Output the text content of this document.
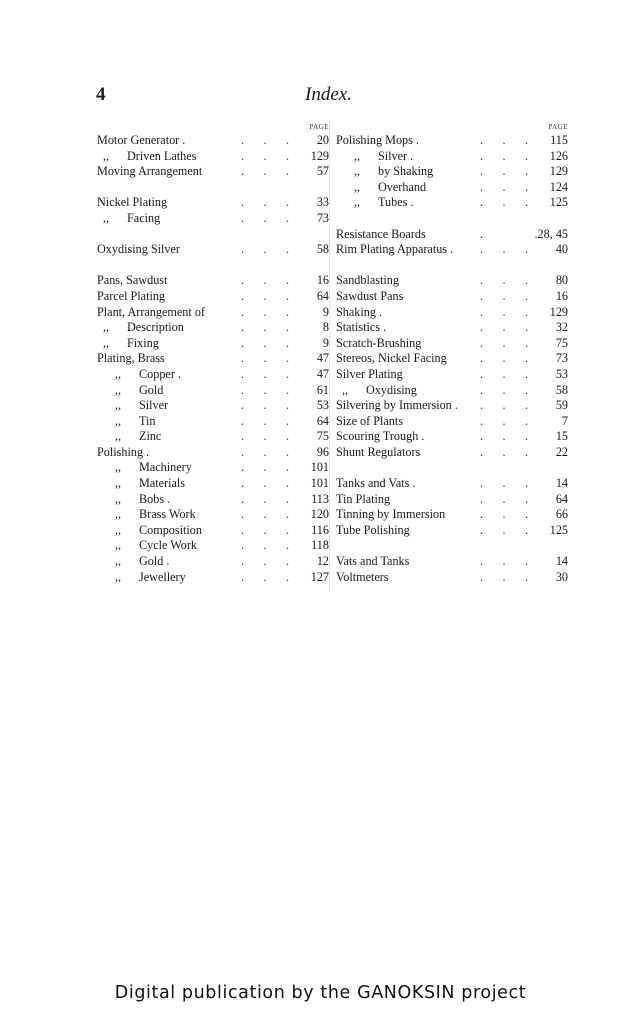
4	Index.
PAGE
Motor Generator .	. . . 20
,, Driven Lathes	. . . 129
Moving Arrangement	. . . 57
Nickel Plating	. . . 33
,, Facing	. . . 73
Oxydising Silver	. . . 58
Pans, Sawdust	. . . 16
Parcel Plating	. . . 64
Plant, Arrangement of	. . .	9
,, Description	. . .	8
,, Fixing	. . .	9
Plating, Brass	. . . 47
,, Copper .	. . . 47
,, Gold	. . . 61
,, Silver	. . . 53
,, Tin	. . . 64
,, Zinc	. . . 75
Polishing .	. . . 96
,, Machinery	. . . 101
,, Materials	. . . 101
,, Bobs .	. . . 113
,, Brass Work	. . . 120
,, Composition	. . . 116
,, Cycle Work	. . . 118
,, Gold .	. . . 12
,, Jewellery	. . . 127
PAGE
Polishing Mops .	. . . 115
,, Silver .	. . . 126
,, by Shaking	. . . 129
,, Overhand	. . . 124
,, Tubes .	. . . 125
Resistance Boards	.	.28, 45
Rim Plating Apparatus . . . . 40
Sandblasting	. . . 80
Sawdust Pans	. . . 16
Shaking .	. . . 129
Statistics .	. . . 32
Scratch-Brushing	. . . 75
Stereos, Nickel Facing	. . . 73
Silver Plating	. . . 53
,, Oxydising	. . . 58
Silvering by Immersion . . . . 59
Size of Plants	. . .	7
Scouring Trough .	. . . 15
Shunt Regulators	. . . 22
Tanks and Vats .	. . . 14
Tin Plating	. . . 64
Tinning by Immersion	. . . 66
Tube Polishing	. . . 125
Vats and Tanks	. . . 14
Voltmeters	. . . 30
Digital publication by the GANOKSIN project
